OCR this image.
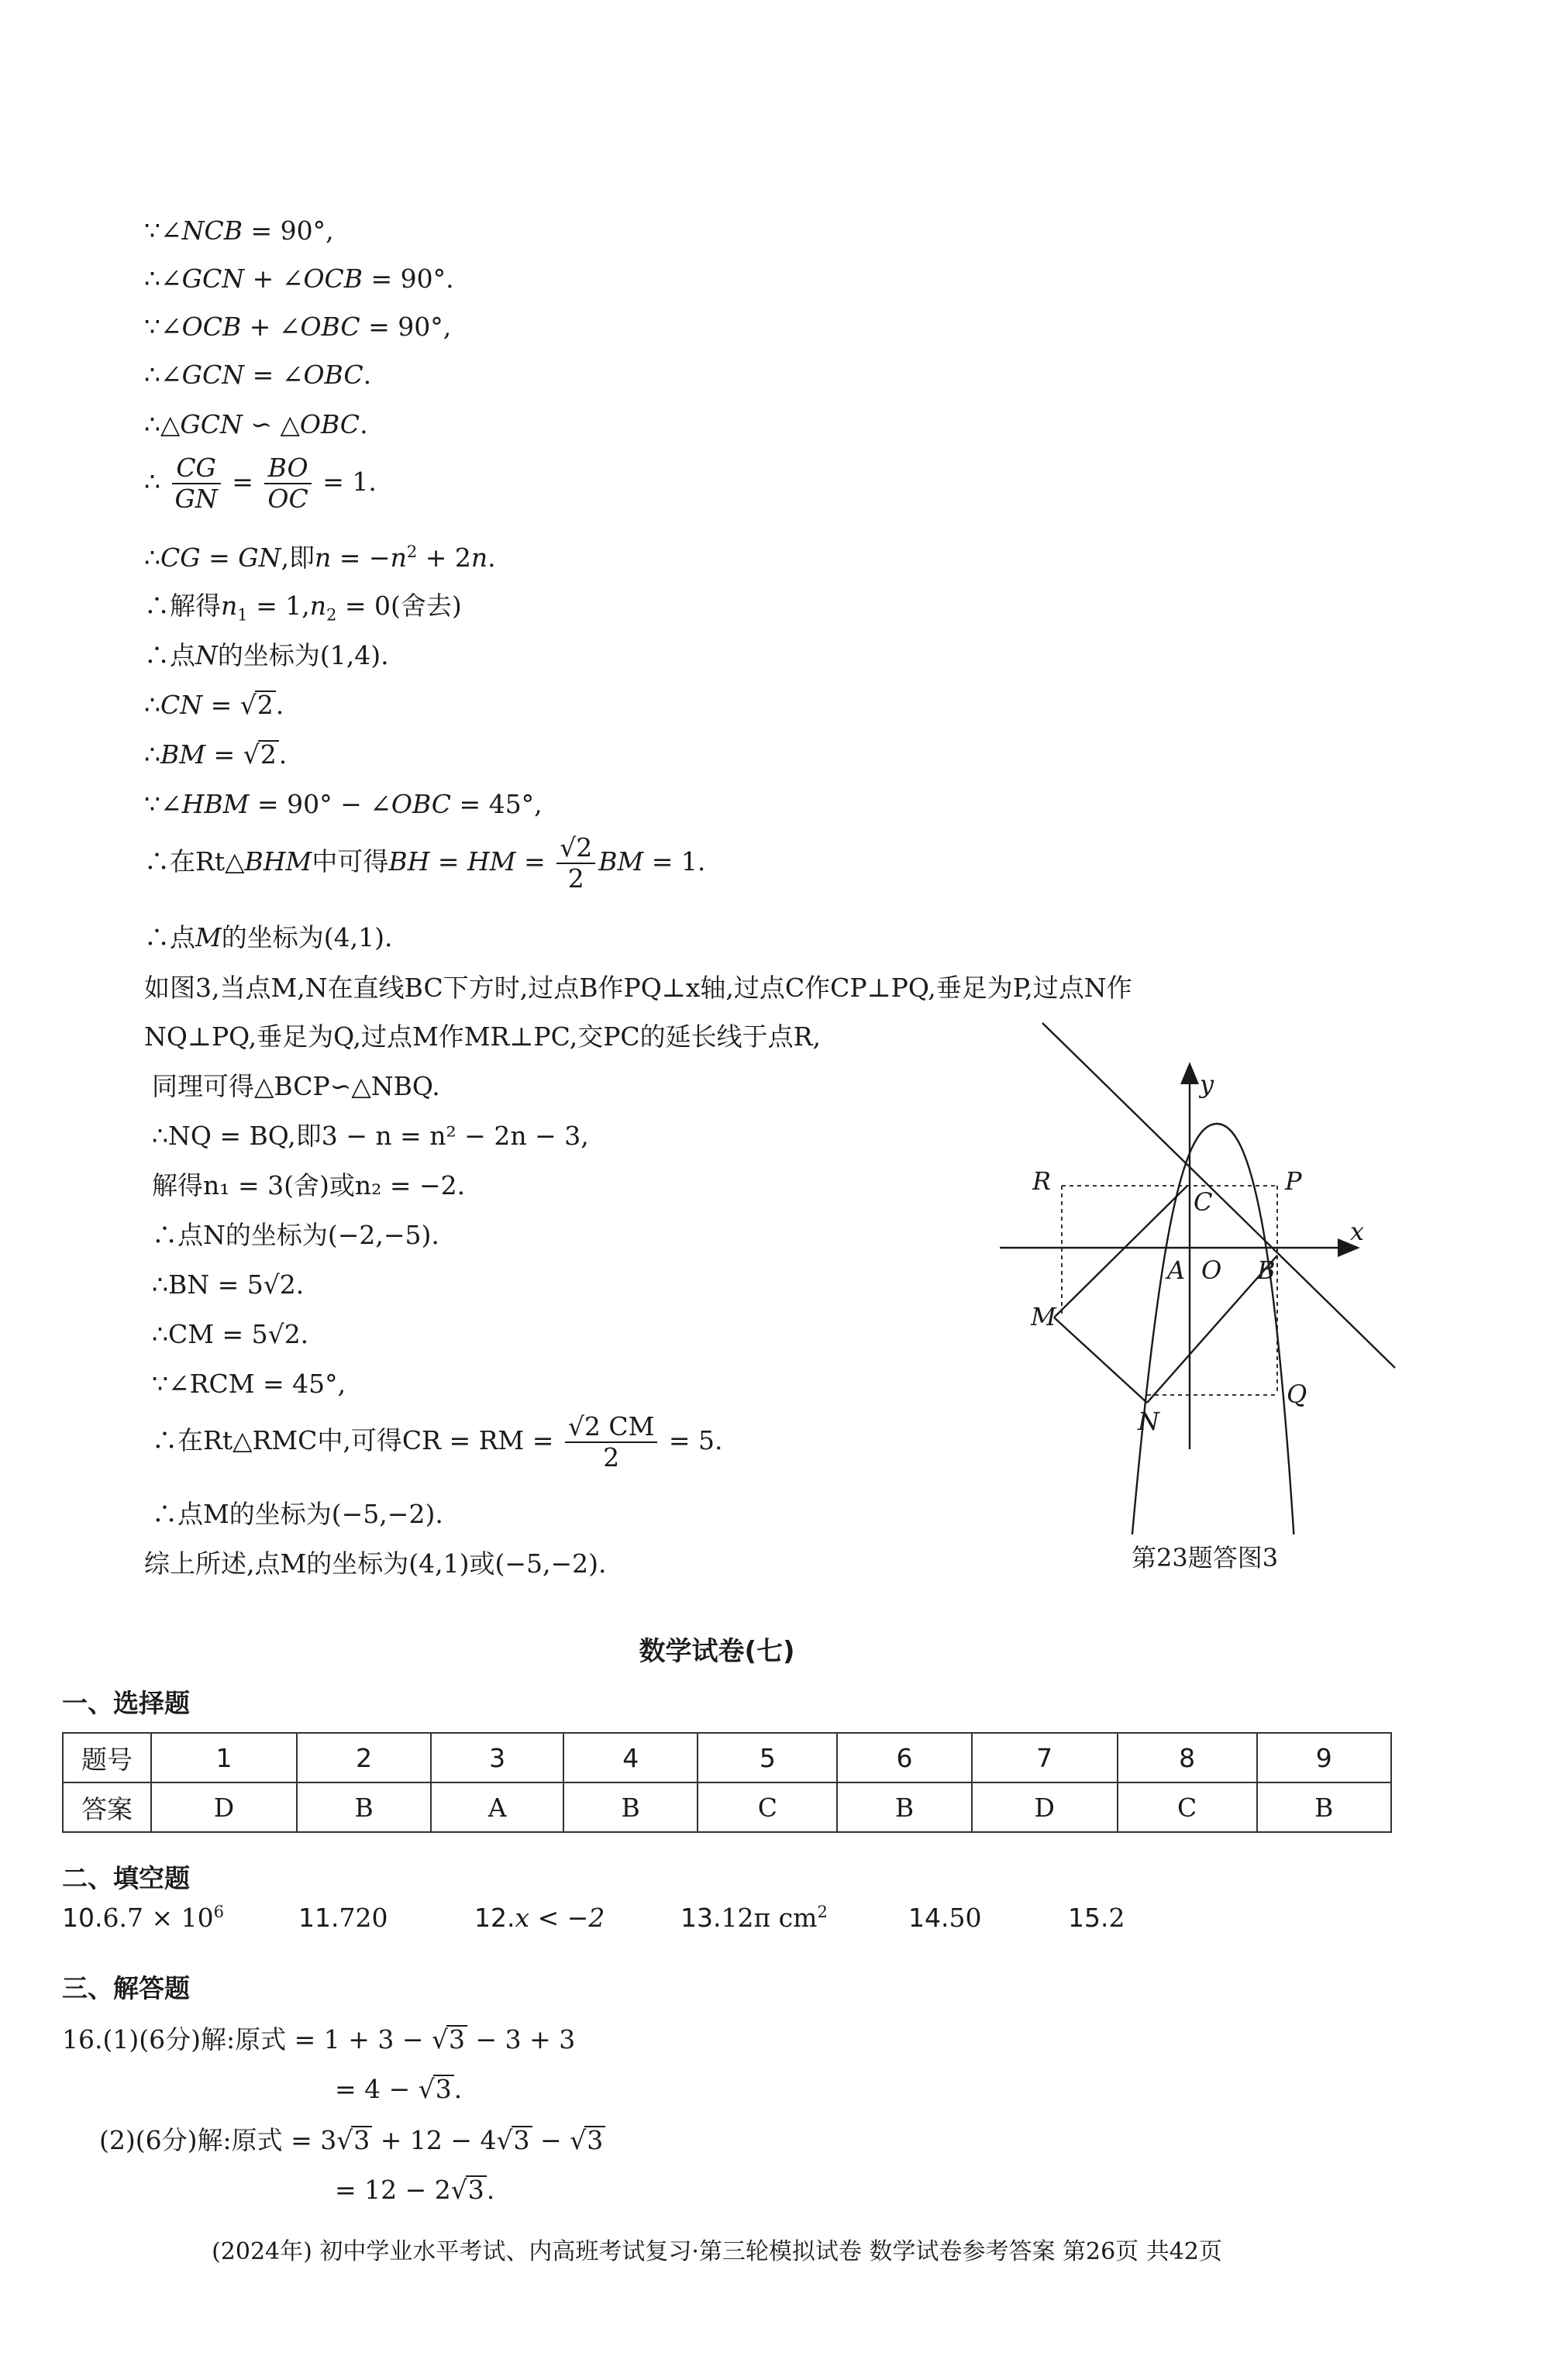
∵∠NCB = 90°,
∴∠GCN + ∠OCB = 90°.
∵∠OCB + ∠OBC = 90°,
∴∠GCN = ∠OBC.
∴△GCN ∽ △OBC.
∴ $\frac{CG}{GN} = \frac{BO}{OC} = 1$.
∴CG = GN,即$n = -n^2 + 2n$.
∴解得$n_1 = 1,n_2 = 0$(舍去)
∴点N的坐标为(1,4).
∴CN = √2.
∴BM = √2.
∵∠HBM = 90° − ∠OBC = 45°,
∴在Rt△BHM中可得BH = HM = $\frac{√2}{2}$ BM = 1.
∴点M的坐标为(4,1).
如图3,当点M,N在直线BC下方时,过点B作PQ⊥x轴,过点C作CP⊥PQ,垂足为P,过点N作
NQ⊥PQ,垂足为Q,过点M作MR⊥PC,交PC的延长线于点R,
同理可得△BCP∽△NBQ.
∴NQ = BQ,即3 − n = n² − 2n − 3,
解得n₁ = 3(舍)或n₂ = −2.
∴点N的坐标为(−2,−5).
∴BN = 5√2.
∴CM = 5√2.
∵∠RCM = 45°,
∴在Rt△RMC中,可得CR = RM = $\frac{√2 CM}{2} = 5$.
∴点M的坐标为(−5,−2).
综上所述,点M的坐标为(4,1)或(−5,−2).
y
x
R
C
P
A O B
M
N
Q
第23题答图3
数学试卷(七)
一、选择题
题号	1	2	3	4	5	6	7	8	9
答案	D	B	A	B	C	B	D	C	B
二、填空题
$10.6.7 \times 10^6$	11.720	12.x < −2	13.12π $cm^2$	14.50	15.2
三、解答题
16.(1)(6分)解:原式 = 1 + 3 − √3 − 3 + 3
= 4 − √3.
(2)(6分)解:原式 = 3√3 + 12 − 4√3 − √3
= 12 − 2√3.
(2024年) 初中学业水平考试、内高班考试复习·第三轮模拟试卷 数学试卷参考答案 第26页 共42页
